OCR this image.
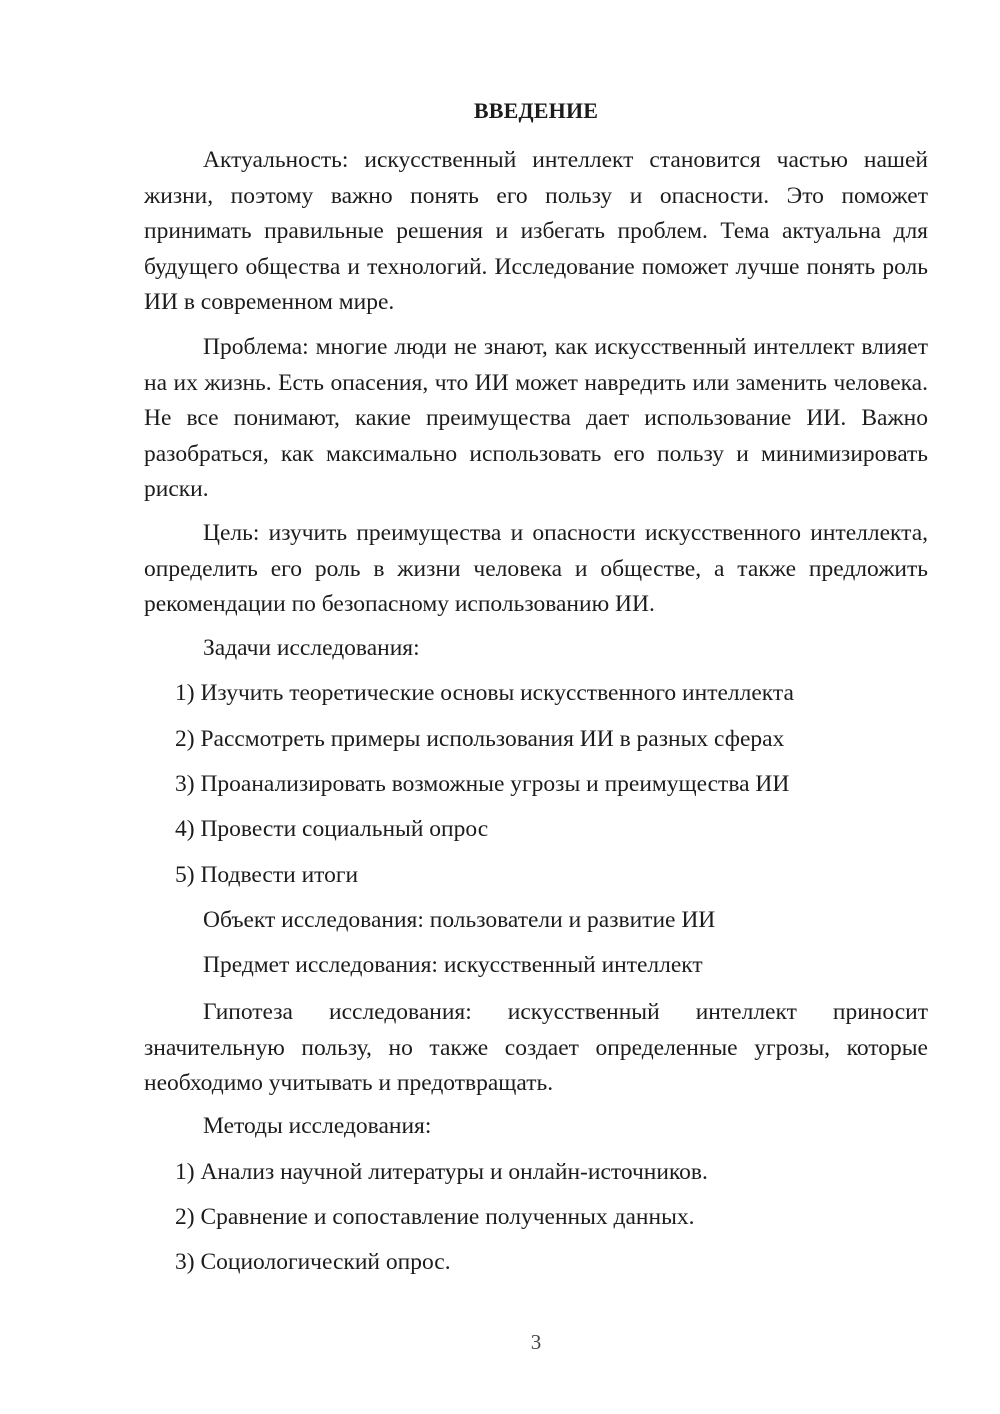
ВВЕДЕНИЕ

Актуальность: искусственный интеллект становится частью нашей жизни, поэтому важно понять его пользу и опасности. Это поможет принимать правильные решения и избегать проблем. Тема актуальна для будущего общества и технологий. Исследование поможет лучше понять роль ИИ в современном мире.

Проблема: многие люди не знают, как искусственный интеллект влияет на их жизнь. Есть опасения, что ИИ может навредить или заменить человека. Не все понимают, какие преимущества дает использование ИИ. Важно разобраться, как максимально использовать его пользу и минимизировать риски.

Цель: изучить преимущества и опасности искусственного интеллекта, определить его роль в жизни человека и обществе, а также предложить рекомендации по безопасному использованию ИИ.

Задачи исследования:
1) Изучить теоретические основы искусственного интеллекта
2) Рассмотреть примеры использования ИИ в разных сферах
3) Проанализировать возможные угрозы и преимущества ИИ
4) Провести социальный опрос
5) Подвести итоги
Объект исследования: пользователи и развитие ИИ
Предмет исследования: искусственный интеллект

Гипотеза исследования: искусственный интеллект приносит значительную пользу, но также создает определенные угрозы, которые необходимо учитывать и предотвращать.

Методы исследования:
1) Анализ научной литературы и онлайн-источников.
2) Сравнение и сопоставление полученных данных.
3) Социологический опрос.
3
